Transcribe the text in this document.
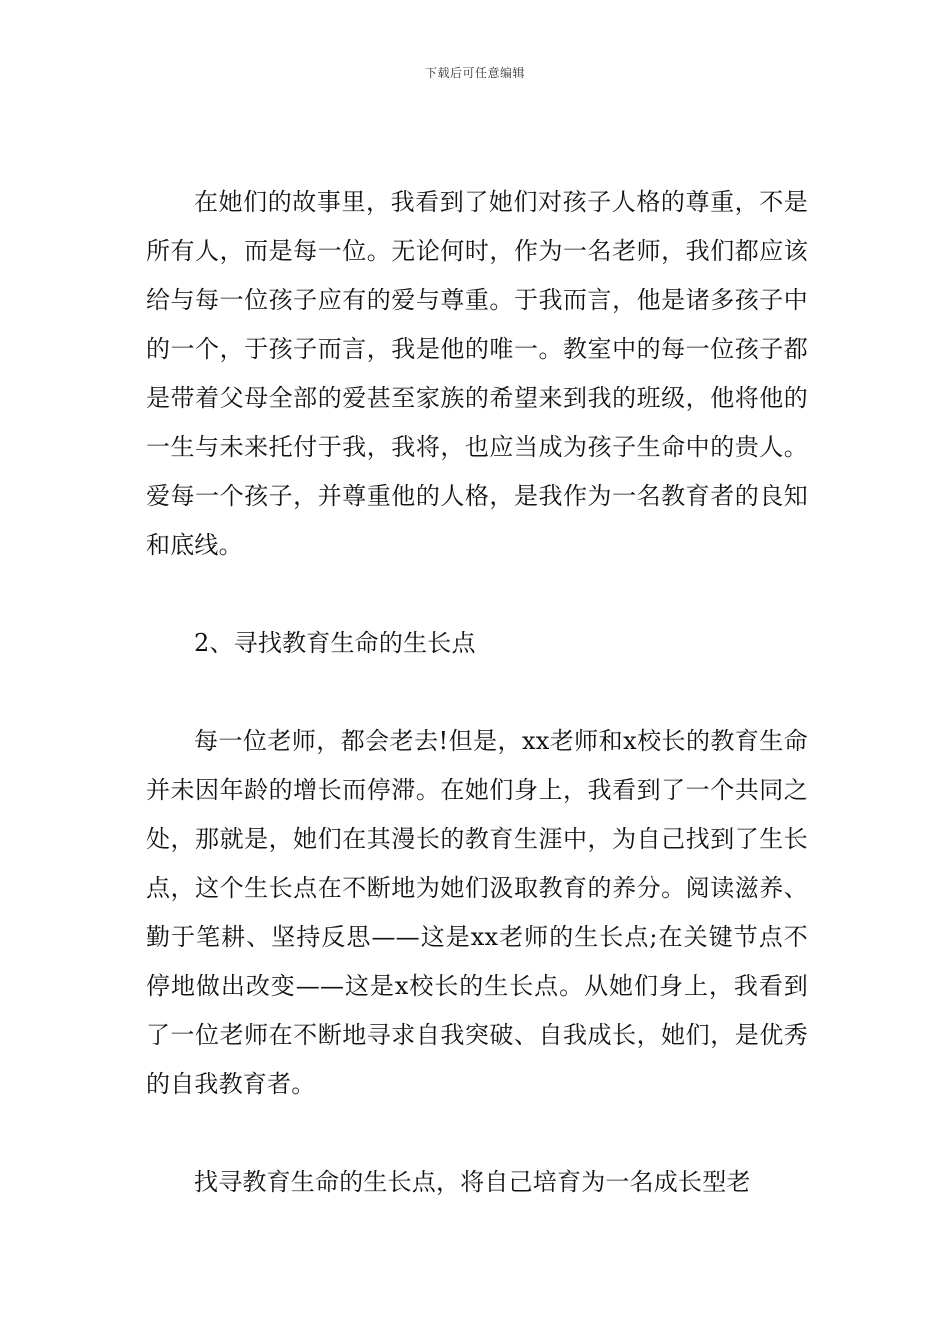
下载后可任意编辑

在她们的故事里，我看到了她们对孩子人格的尊重，不是所有人，而是每一位。无论何时，作为一名老师，我们都应该给与每一位孩子应有的爱与尊重。于我而言，他是诸多孩子中的一个，于孩子而言，我是他的唯一。教室中的每一位孩子都是带着父母全部的爱甚至家族的希望来到我的班级，他将他的一生与未来托付于我，我将，也应当成为孩子生命中的贵人。爱每一个孩子，并尊重他的人格，是我作为一名教育者的良知和底线。

2、寻找教育生命的生长点

每一位老师，都会老去!但是，xx老师和x校长的教育生命并未因年龄的增长而停滞。在她们身上，我看到了一个共同之处，那就是，她们在其漫长的教育生涯中，为自己找到了生长点，这个生长点在不断地为她们汲取教育的养分。阅读滋养、勤于笔耕、坚持反思——这是xx老师的生长点;在关键节点不停地做出改变——这是x校长的生长点。从她们身上，我看到了一位老师在不断地寻求自我突破、自我成长，她们，是优秀的自我教育者。

找寻教育生命的生长点，将自己培育为一名成长型老
